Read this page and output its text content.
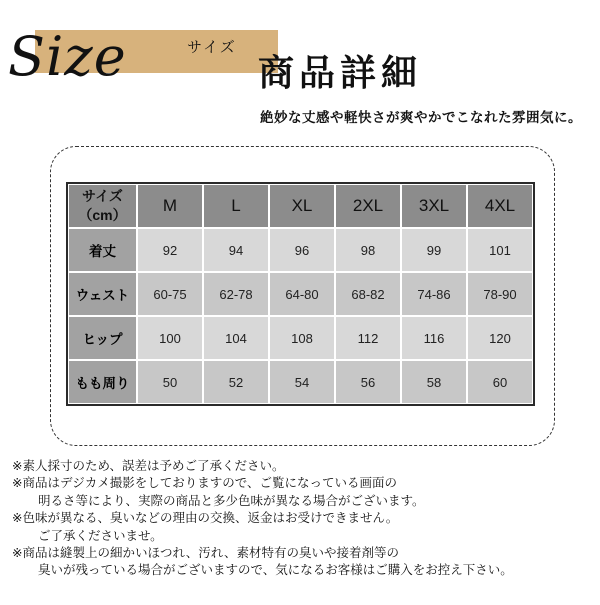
Size	サイズ
商品詳細
絶妙な丈感や軽快さが爽やかでこなれた雰囲気に。
サイズ
（cm）	M	L	XL	2XL	3XL	4XL
着丈	92	94	96	98	99	101
ウェスト	60-75	62-78	64-80	68-82	74-86	78-90
ヒップ	100	104	108	112	116	120
もも周り	50	52	54	56	58	60
※素人採寸のため、誤差は予めご了承ください。
※商品はデジカメ撮影をしておりますので、ご覧になっている画面の
明るさ等により、実際の商品と多少色味が異なる場合がございます。
※色味が異なる、臭いなどの理由の交換、返金はお受けできません。
ご了承くださいませ。
※商品は縫製上の細かいほつれ、汚れ、素材特有の臭いや接着剤等の
臭いが残っている場合がございますので、気になるお客様はご購入をお控え下さい。
